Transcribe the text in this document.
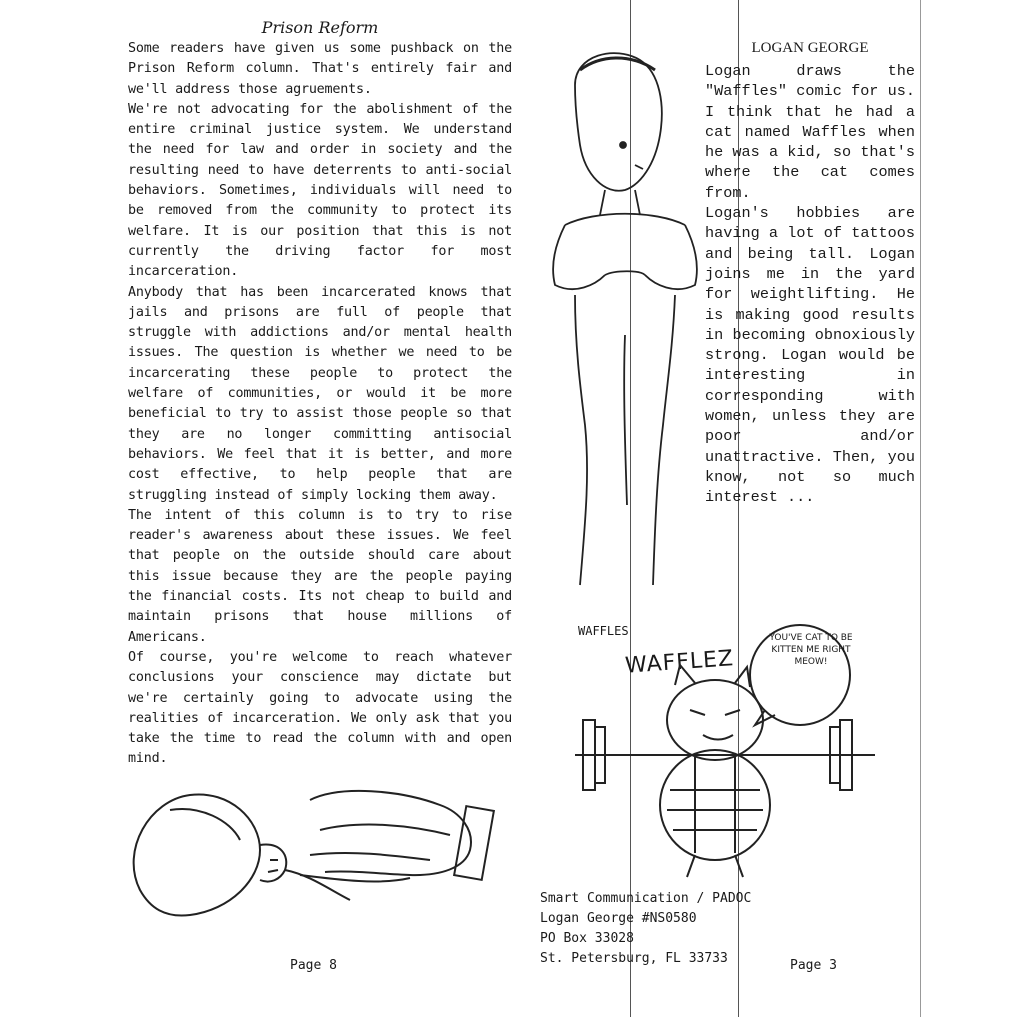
Prison Reform

Some readers have given us some pushback on the Prison Reform column. That's entirely fair and we'll address those agruements.

We're not advocating for the abolishment of the entire criminal justice system. We understand the need for law and order in society and the resulting need to have deterrents to anti-social behaviors. Sometimes, individuals will need to be removed from the community to protect its welfare. It is our position that this is not currently the driving factor for most incarceration.

Anybody that has been incarcerated knows that jails and prisons are full of people that struggle with addictions and/or mental health issues. The question is whether we need to be incarcerating these people to protect the welfare of communities, or would it be more beneficial to try to assist those people so that they are no longer committing antisocial behaviors. We feel that it is better, and more cost effective, to help people that are struggling instead of simply locking them away.

The intent of this column is to try to rise reader's awareness about these issues. We feel that people on the outside should care about this issue because they are the people paying the financial costs. Its not cheap to build and maintain prisons that house millions of Americans.

Of course, you're welcome to reach whatever conclusions your conscience may dictate but we're certainly going to advocate using the realities of incarceration. We only ask that you take the time to read the column with and open mind.

Page 8
LOGAN GEORGE

Logan draws the "Waffles" comic for us. I think that he had a cat named Waffles when he was a kid, so that's where the cat comes from.

Logan's hobbies are having a lot of tattoos and being tall. Logan joins me in the yard for weightlifting. He is making good results in becoming obnoxiously strong. Logan would be interesting in corresponding with women, unless they are poor and/or unattractive. Then, you know, not so much interest ...

WAFFLES
WAFFLEZ
YOU'VE CAT TO BE KITTEN ME RIGHT MEOW!
Smart Communication / PADOC
Logan George #NS0580
PO Box 33028
St. Petersburg, FL 33733	Page 3
